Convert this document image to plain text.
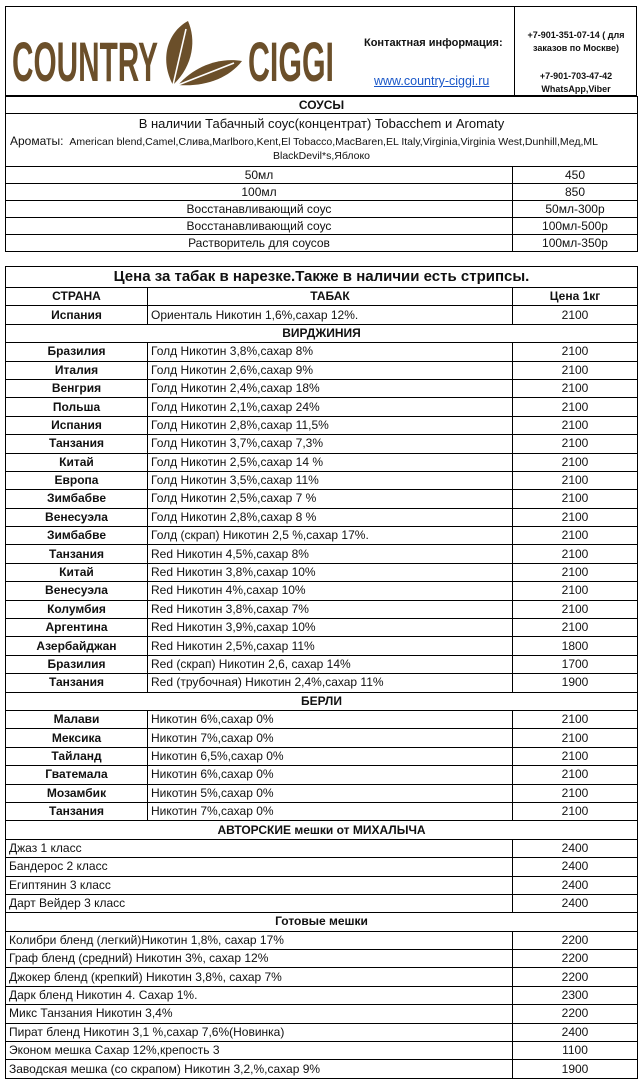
COUNTRY CIGGI	Контактная информация:
www.country-ciggi.ru
+7-901-351-07-14 ( для
заказов по Москве)
+7-901-703-47-42
WhatsApp,Viber
СОУСЫ	
В наличии Табачный соус(концентрат) Tobacchem и Aromaty	

Ароматы: American blend,Camel,Слива,Marlboro,Kent,El Tobacco,MacBaren,EL Italy,Virginia,Virginia West,Dunhill,Мед,ML
BlackDevil*s,Яблоко	

50мл	450
100мл	850
Восстанавливающий соус	50мл-300р
Восстанавливающий соус	100мл-500р
Растворитель для соусов	100мл-350р
Цена за табак в нарезке.Также в наличии есть стрипсы.		
СТРАНА	ТАБАК	Цена 1кг
Испания	Ориенталь Никотин 1,6%,сахар 12%.	2100
ВИРДЖИНИЯ		
Бразилия	Голд Никотин 3,8%,сахар 8%	2100
Италия	Голд Никотин 2,6%,сахар 9%	2100
Венгрия	Голд Никотин 2,4%,сахар 18%	2100
Польша	Голд Никотин 2,1%,сахар 24%	2100
Испания	Голд Никотин 2,8%,сахар 11,5%	2100
Танзания	Голд Никотин 3,7%,сахар 7,3%	2100
Китай	Голд Никотин 2,5%,сахар 14 %	2100
Европа	Голд Никотин 3,5%,сахар 11%	2100
Зимбабве	Голд Никотин 2,5%,сахар 7 %	2100
Венесуэла	Голд Никотин 2,8%,сахар 8 %	2100
Зимбабве	Голд (скрап) Никотин 2,5 %,сахар 17%.	2100
Танзания	Red Никотин 4,5%,сахар 8%	2100
Китай	Red Никотин 3,8%,сахар 10%	2100
Венесуэла	Red Никотин 4%,сахар 10%	2100
Колумбия	Red Никотин 3,8%,сахар 7%	2100
Аргентина	Red Никотин 3,9%,сахар 10%	2100
Азербайджан	Red Никотин 2,5%,сахар 11%	1800
Бразилия	Red (скрап) Никотин 2,6, сахар 14%	1700
Танзания	Red (трубочная) Никотин 2,4%,сахар 11%	1900
БЕРЛИ		
Малави	Никотин 6%,сахар 0%	2100
Мексика	Никотин 7%,сахар 0%	2100
Тайланд	Никотин 6,5%,сахар 0%	2100
Гватемала	Никотин 6%,сахар 0%	2100
Мозамбик	Никотин 5%,сахар 0%	2100
Танзания	Никотин 7%,сахар 0%	2100
АВТОРСКИЕ мешки от МИХАЛЫЧА		
Джаз 1 класс		2400
Бандерос 2 класс		2400
Египтянин 3 класс		2400
Дарт Вейдер 3 класс		2400
Готовые мешки		
Колибри бленд (легкий)Никотин 1,8%, сахар 17%		2200
Граф бленд (средний) Никотин 3%, сахар 12%		2200
Джокер бленд (крепкий) Никотин 3,8%, сахар 7%		2200
Дарк бленд Никотин 4. Сахар 1%.		2300
Микс Танзания Никотин 3,4%		2200
Пират бленд Никотин 3,1 %,сахар 7,6%(Новинка)		2400
Эконом мешка Сахар 12%,крепость 3		1100
Заводская мешка (со скрапом) Никотин 3,2,%,сахар 9%		1900
